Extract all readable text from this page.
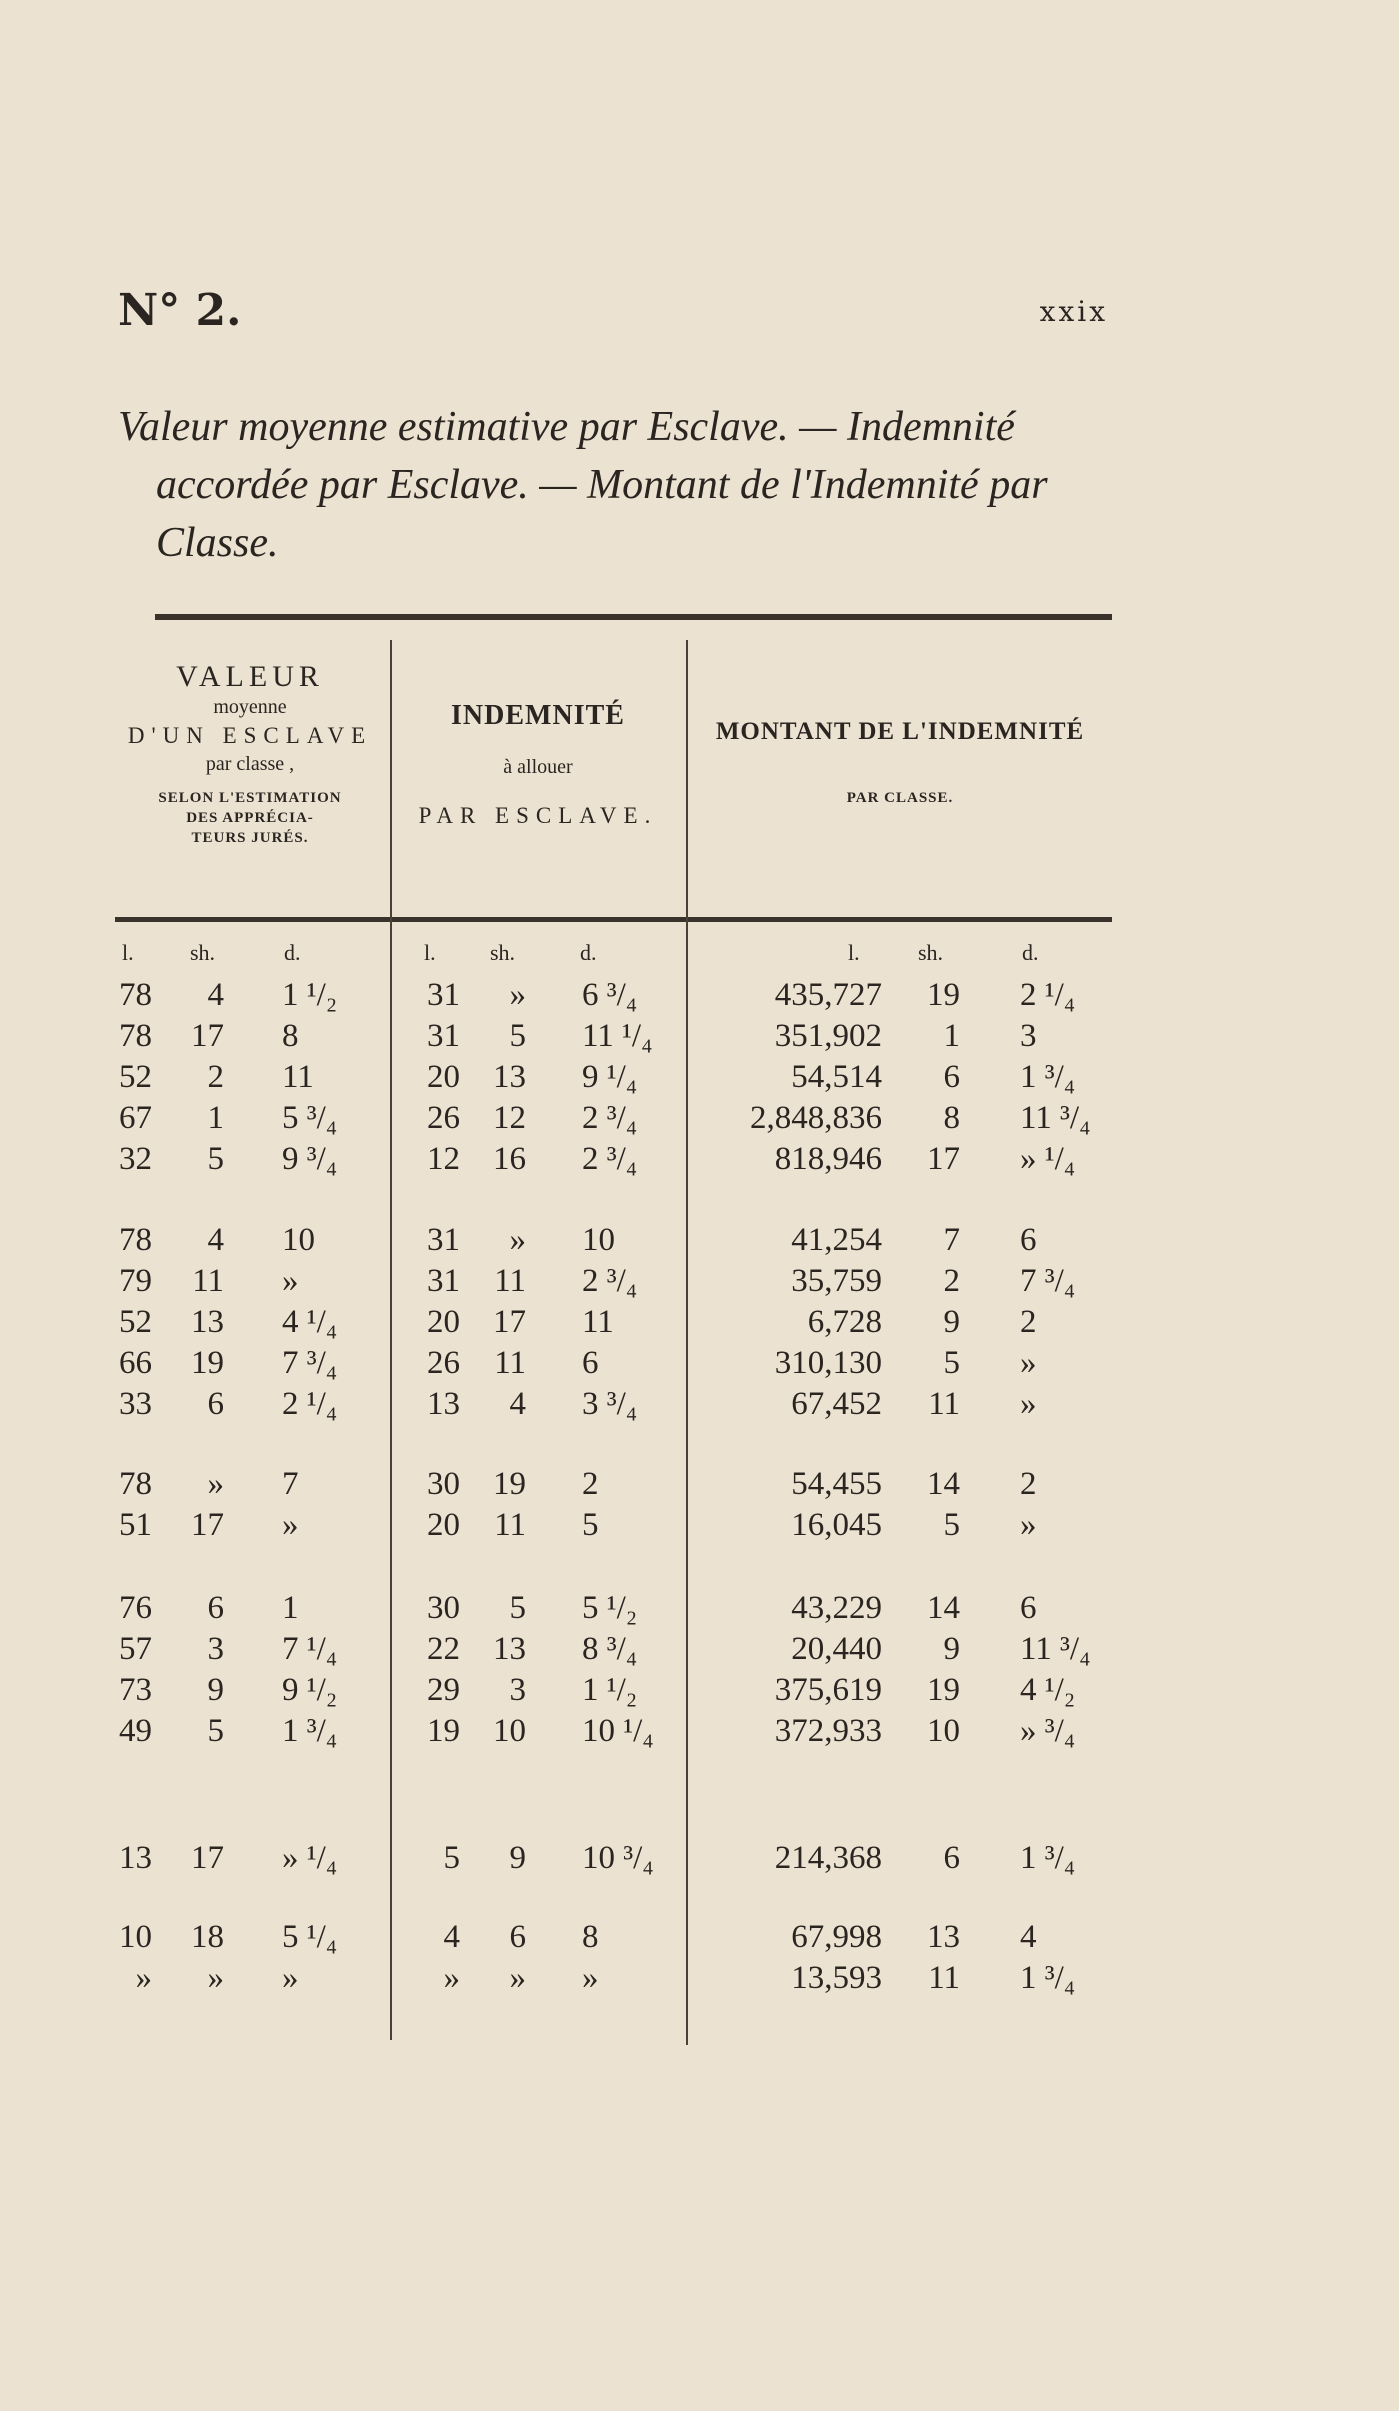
N° 2.	xxix
Valeur moyenne estimative par Esclave. — Indemnité
accordée par Esclave. — Montant de l'Indemnité par
Classe.
VALEUR
moyenne
D'UN ESCLAVE
par classe ,
SELON L'ESTIMATION
DES APPRÉCIA-
TEURS JURÉS.
INDEMNITÉ
à allouer
PAR ESCLAVE.
MONTANT DE L'INDEMNITÉ
PAR CLASSE.
l.	sh.	d.	l. sh.	d.	l.	sh.	d.
78 4 1 ¹/₂	31 » 6 ³/₄	435,727 19 2 ¹/₄
78 17 8	31 5 11 ¹/₄	351,902 1 3
52 2 11	20 13 9 ¹/₄	54,514 6 1 ³/₄
67 1 5 ³/₄	26 12 2 ³/₄	2,848,836 8 11 ³/₄
32 5 9 ³/₄	12 16 2 ³/₄	818,946 17 » ¹/₄
78 4 10	31 » 10	41,254 7 6
79 11 »	31 11 2 ³/₄	35,759 2 7 ³/₄
52 13 4 ¹/₄	20 17 11	6,728 9 2
66 19 7 ³/₄	26 11 6	310,130 5 »
33 6 2 ¹/₄	13 4 3 ³/₄	67,452 11 »
78 » 7	30 19 2	54,455 14 2
51 17 »	20 11 5	16,045 5 »
76 6 1	30 5 5 ¹/₂	43,229 14 6
57 3 7 ¹/₄	22 13 8 ³/₄	20,440 9 11 ³/₄
73 9 9 ¹/₂	29 3 1 ¹/₂	375,619 19 4 ¹/₂
49 5 1 ³/₄	19 10 10 ¹/₄	372,933 10 » ³/₄
13 17 » ¹/₄	5 9 10 ³/₄	214,368 6 1 ³/₄
10 18 5 ¹/₄	4 6 8	67,998 13 4
» » »	» » »	13,593 11 1 ³/₄
